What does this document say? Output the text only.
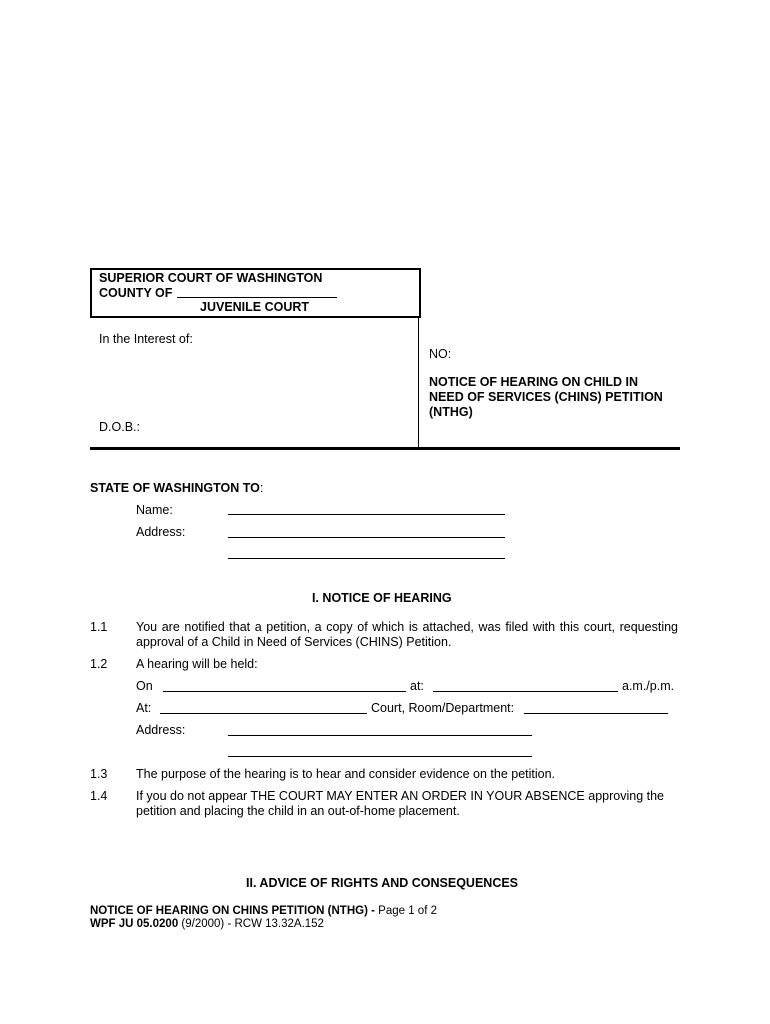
SUPERIOR COURT OF WASHINGTON
COUNTY OF
JUVENILE COURT
In the Interest of:
D.O.B.:
NO:
NOTICE OF HEARING ON CHILD IN
NEED OF SERVICES (CHINS) PETITION
(NTHG)
STATE OF WASHINGTON TO:
Name:
Address:
I. NOTICE OF HEARING
1.1 You are notified that a petition, a copy of which is attached, was filed with this court, requesting approval of a Child in Need of Services (CHINS) Petition.
1.2 A hearing will be held:
On	at:	a.m./p.m.
At:	Court, Room/Department:
Address:
1.3 The purpose of the hearing is to hear and consider evidence on the petition.
1.4 If you do not appear THE COURT MAY ENTER AN ORDER IN YOUR ABSENCE approving the petition and placing the child in an out-of-home placement.
II. ADVICE OF RIGHTS AND CONSEQUENCES
NOTICE OF HEARING ON CHINS PETITION (NTHG) - Page 1 of 2
WPF JU 05.0200 (9/2000) - RCW 13.32A.152
